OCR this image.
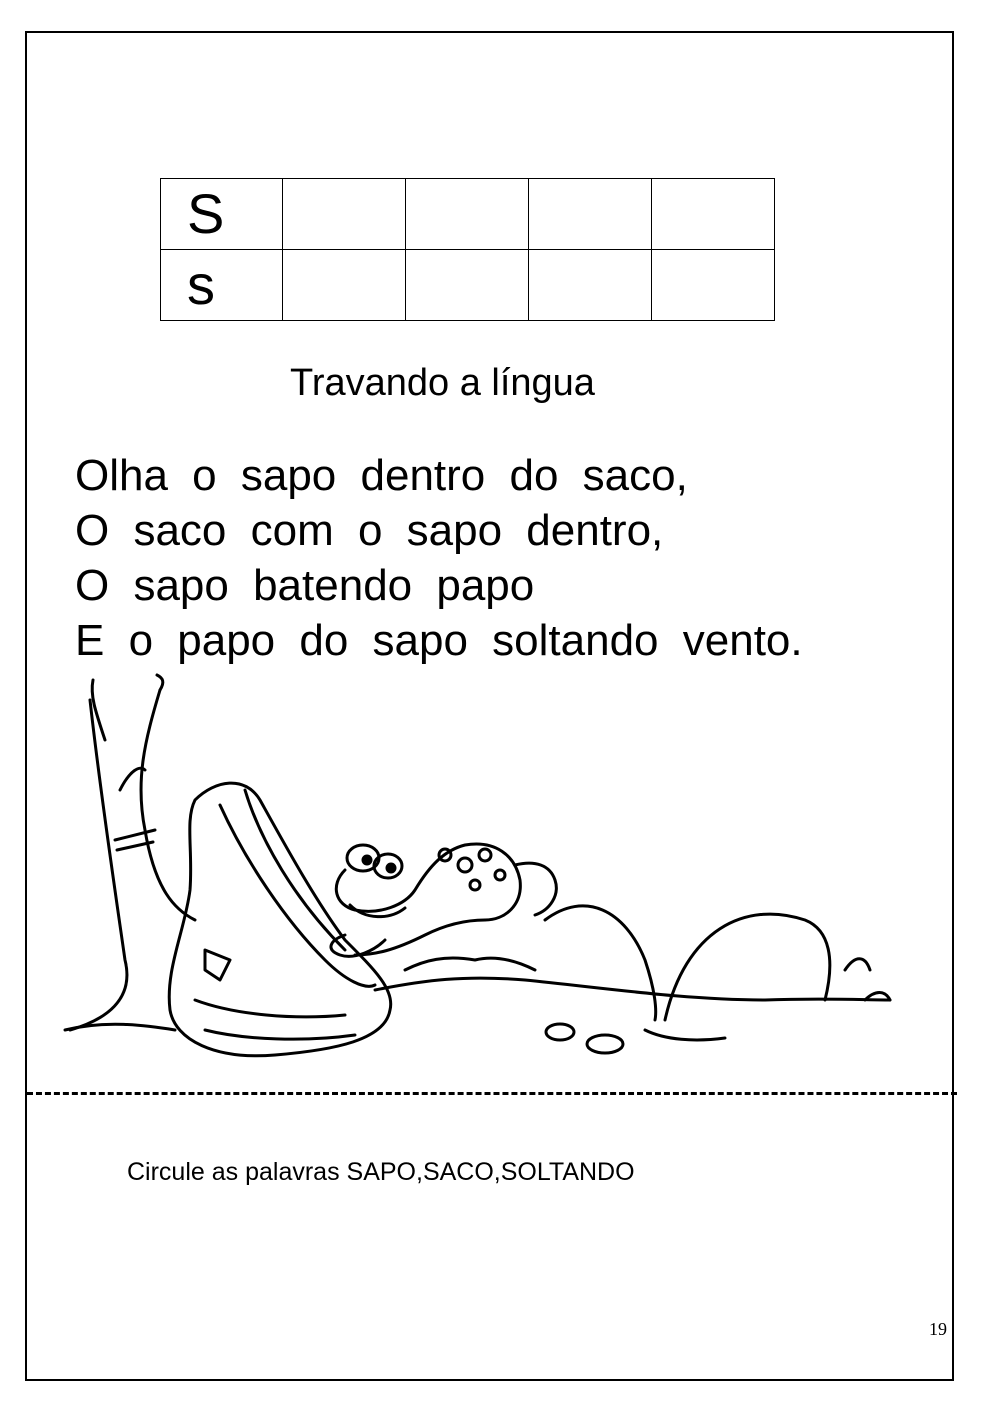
S				
s				
Travando a língua
Olha o sapo dentro do saco,
O saco com o sapo dentro,
O sapo batendo papo
E o papo do sapo soltando vento.
Circule as palavras SAPO,SACO,SOLTANDO
19
